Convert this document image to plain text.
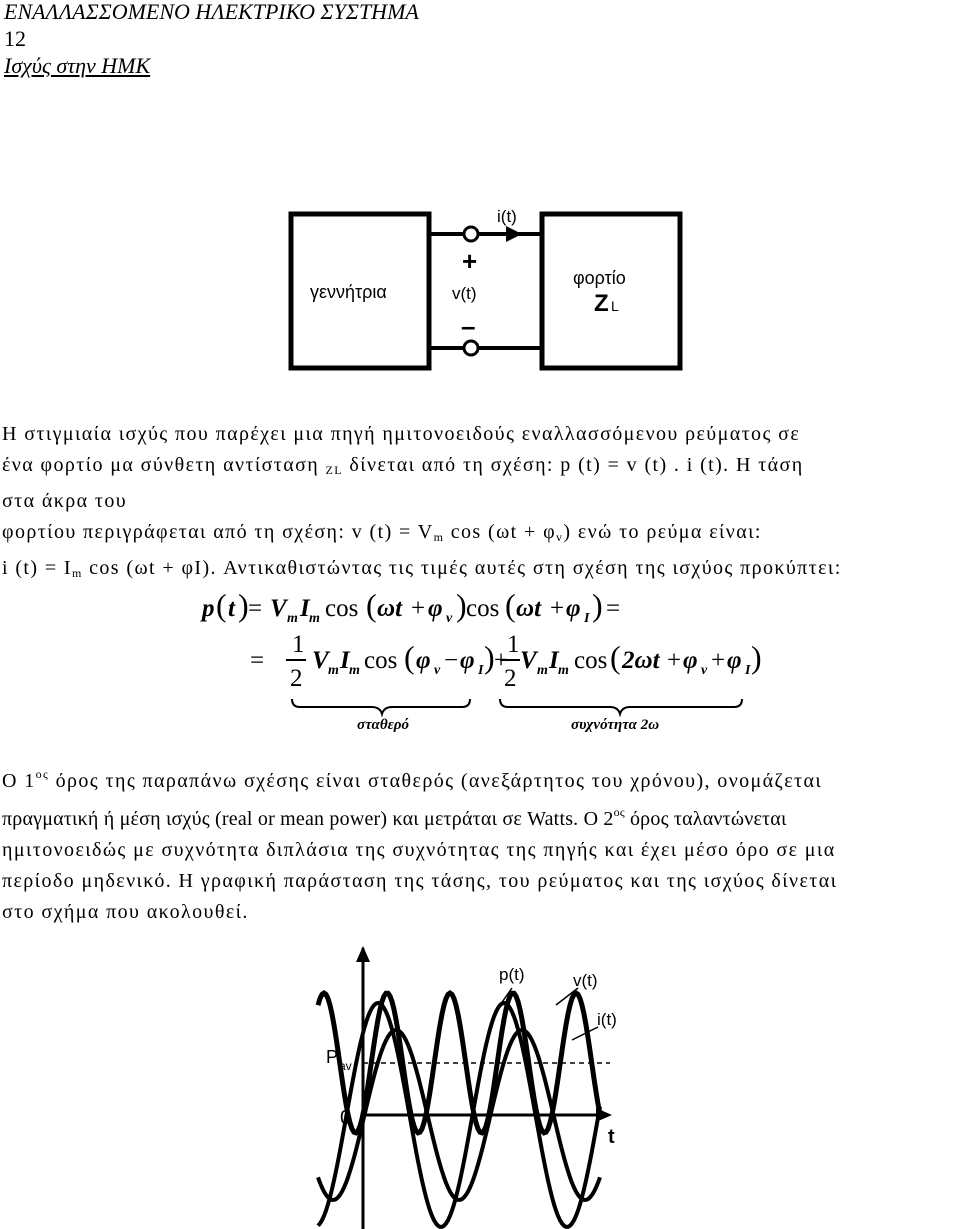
ΕΝΑΛΛΑΣΣΟΜΕΝΟ ΗΛΕΚΤΡΙΚΟ ΣΥΣΤΗΜΑ
12
Ισχύς στην ΗΜΚ
γεννήτρια
φορτίο
Z L
i(t)
+
v(t)
–
Η στιγμιαία ισχύς που παρέχει μια πηγή ημιτονοειδούς εναλλασσόμενου ρεύματος σε
ένα φορτίο μα σύνθετη αντίσταση $_{ZL}$ δίνεται από τη σχέση: p (t) = v (t) . i (t). Η τάση
στα άκρα του
φορτίου περιγράφεται από τη σχέση: v $(t) = V_m$ $\cos (\omega t + \varphi_v)$ ενώ το ρεύμα είναι:
i $(t) = I_m$ cos (ωt + φI). Αντικαθιστώντας τις τιμές αυτές στη σχέση της ισχύος προκύπτει:
p ( t ) = V m I m cos ( ωt + φ v ) cos ( ωt + φ I ) =
=
1
2
V m I m cos ( φ v − φ I ) +
1
2
V m I m cos ( 2ωt + φ v + φ I )
σταθερό	συχνότητα 2ω
Ο $1^{o\varsigma}$ όρος της παραπάνω σχέσης είναι σταθερός (ανεξάρτητος του χρόνου), ονομάζεται
πραγματική ή μέση ισχύς (real or mean power) και μετράται σε Watts. Ο $2^{o\varsigma}$ όρος ταλαντώνεται
ημιτονοειδώς με συχνότητα διπλάσια της συχνότητας της πηγής και έχει μέσο όρο σε μια
περίοδο μηδενικό. Η γραφική παράσταση της τάσης, του ρεύματος και της ισχύος δίνεται
στο σχήμα που ακολουθεί.
p(t)	v(t)
i(t)
P av
0
t
